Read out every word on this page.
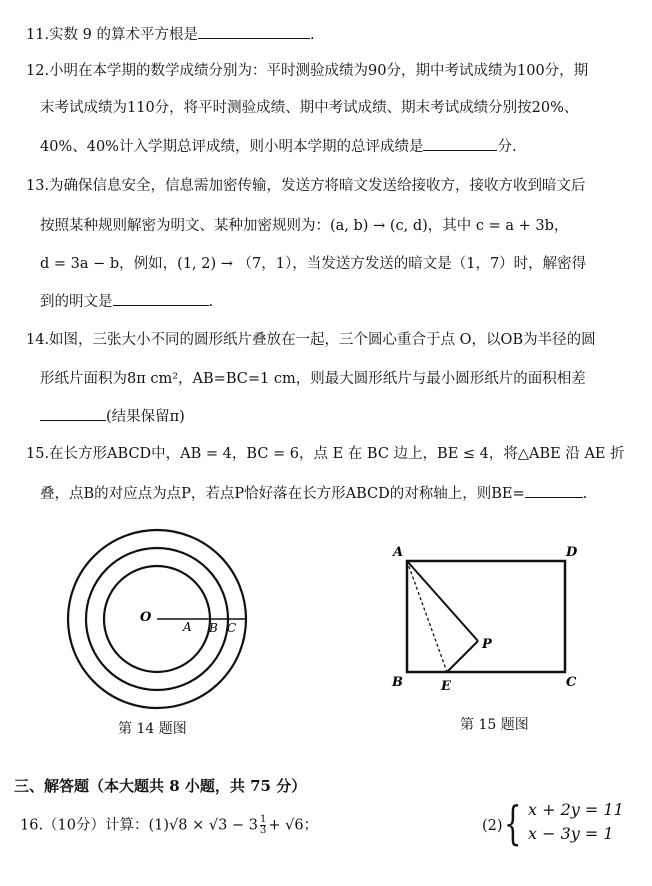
11.实数 9 的算术平方根是	.
12.小明在本学期的数学成绩分别为：平时测验成绩为90分，期中考试成绩为100分，期
末考试成绩为110分，将平时测验成绩、期中考试成绩、期末考试成绩分别按20%、
40%、40%计入学期总评成绩，则小明本学期的总评成绩是	分.
13.为确保信息安全，信息需加密传输，发送方将暗文发送给接收方，接收方收到暗文后
按照某种规则解密为明文、某种加密规则为：(a, b) → (c, d)，其中 c = a + 3b，
d = 3a − b，例如，(1, 2) → （7，1），当发送方发送的暗文是（1，7）时，解密得
到的明文是	.
14.如图，三张大小不同的圆形纸片叠放在一起，三个圆心重合于点 O，以OB为半径的圆
形纸片面积为8π cm²，AB=BC=1 cm，则最大圆形纸片与最小圆形纸片的面积相差
(结果保留π)
15.在长方形ABCD中，AB = 4，BC = 6，点 E 在 BC 边上，BE ≤ 4，将△ABE 沿 AE 折
叠，点B的对应点为点P，若点P恰好落在长方形ABCD的对称轴上，则BE=	.
O
A B C
第 14 题图
A	D
B	C
E
P
第 15 题图
三、解答题（本大题共 8 小题，共 75 分）
16.（10分）计算：$(1)√8 \times √3 - 3 \frac{1}{3} + √6$；	(2) { x + 2y = 11
x − 3y = 1
